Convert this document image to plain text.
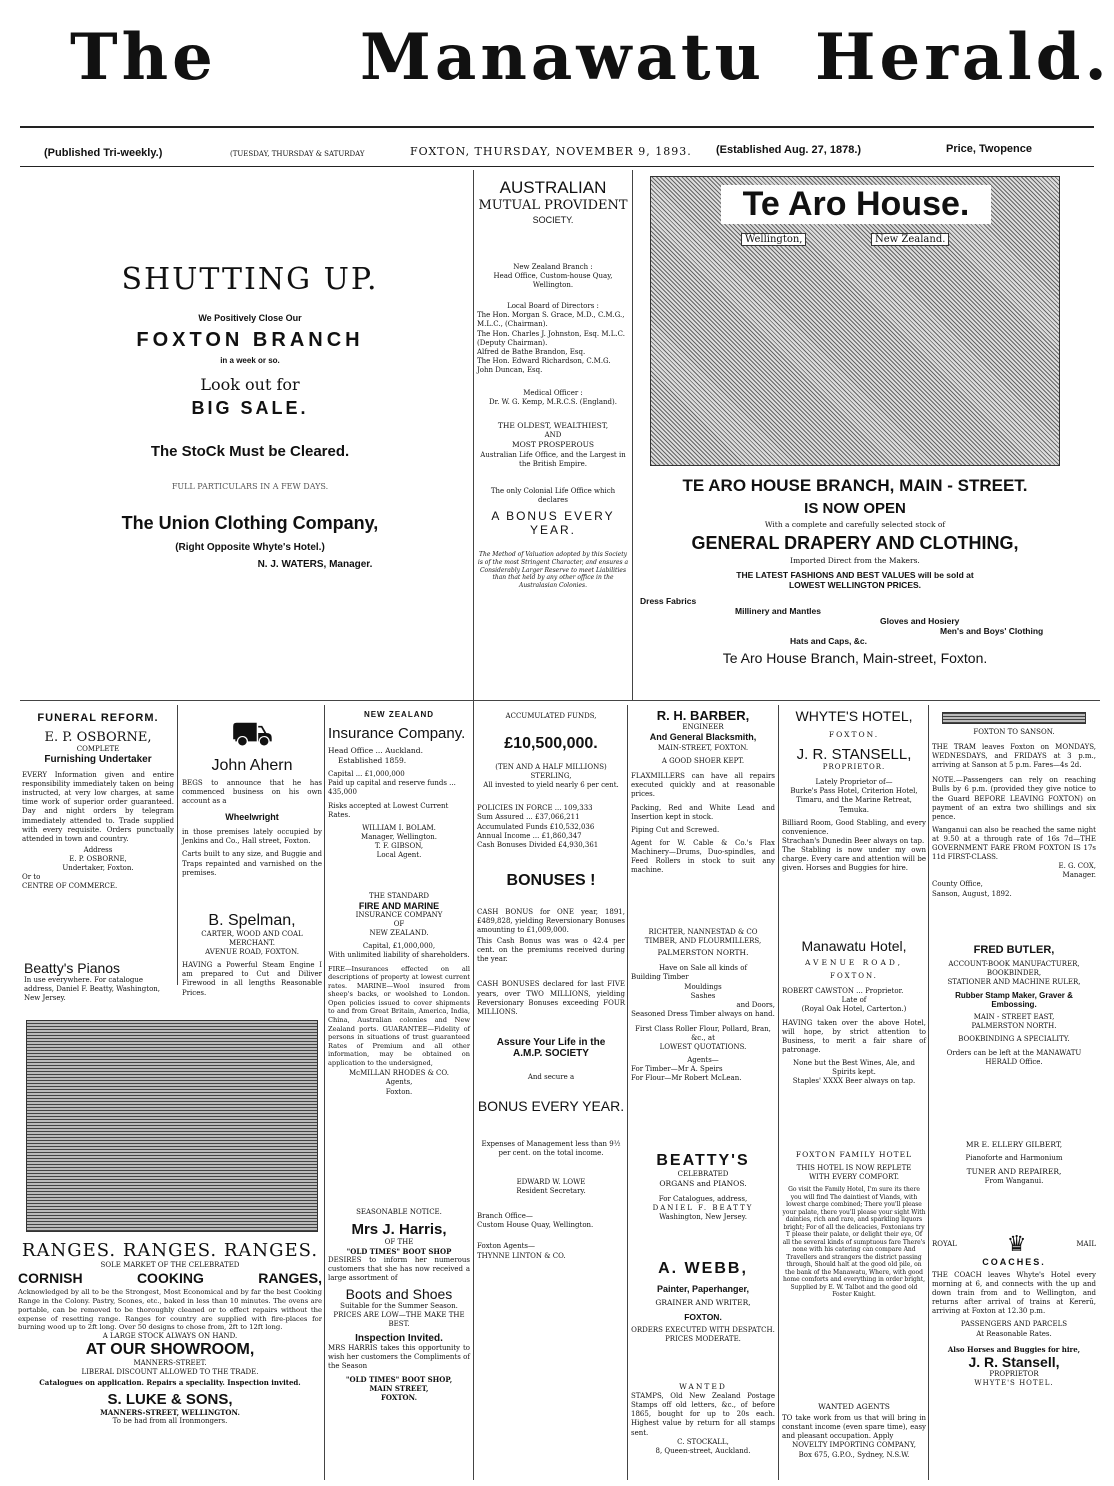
The Manawatu Herald.
(Published Tri-weekly.)	(TUESDAY, THURSDAY & SATURDAY	FOXTON, THURSDAY, NOVEMBER 9, 1893. (Established Aug. 27, 1878.)	Price, Twopence
SHUTTING UP.
We Positively Close Our
FOXTON BRANCH
in a week or so.
Look out for
BIG SALE.
The StoCk Must be Cleared.
FULL PARTICULARS IN A FEW DAYS.
The Union Clothing Company,
(Right Opposite Whyte's Hotel.)
N. J. WATERS, Manager.
AUSTRALIAN
MUTUAL PROVIDENT
SOCIETY.
New Zealand Branch :
Head Office, Custom-house Quay, Wellington.
Local Board of Directors :
The Hon. Morgan S. Grace, M.D., C.M.G., M.L.C., (Chairman).
The Hon. Charles J. Johnston, Esq. M.L.C. (Deputy Chairman).
Alfred de Bathe Brandon, Esq.
The Hon. Edward Richardson, C.M.G.
John Duncan, Esq.
Medical Officer :
Dr. W. G. Kemp, M.R.C.S. (England).
THE OLDEST, WEALTHIEST,
AND
MOST PROSPEROUS
Australian Life Office, and the Largest in the British Empire.
The only Colonial Life Office which
declares
A BONUS EVERY
YEAR.
The Method of Valuation adopted by this Society is of the most Stringent Character, and ensures a Considerably Larger Reserve to meet Liabilities than that held by any other office in the Australasian Colonies.
Te Aro House.
Wellington,	New Zealand.
TE ARO HOUSE BRANCH, MAIN - STREET.
IS NOW OPEN
With a complete and carefully selected stock of
GENERAL DRAPERY AND CLOTHING,
Imported Direct from the Makers.
THE LATEST FASHIONS AND BEST VALUES will be sold at
LOWEST WELLINGTON PRICES.
Dress Fabrics
Millinery and Mantles
Gloves and Hosiery
Men's and Boys' Clothing
Hats and Caps, &c.
Te Aro House Branch, Main-street, Foxton.
FUNERAL REFORM.
E. P. OSBORNE,
COMPLETE
Furnishing Undertaker
EVERY Information given and entire responsibility immediately taken on being instructed, at very low charges, at same time work of superior order guaranteed. Day and night orders by telegram immediately attended to. Trade supplied with every requisite. Orders punctually attended in town and country.
Address
E. P. OSBORNE,
Undertaker, Foxton.
Or to
CENTRE OF COMMERCE.
⛟
John Ahern
BEGS to announce that he has commenced business on his own account as a
Wheelwright
in those premises lately occupied by Jenkins and Co., Hall street, Foxton.
Carts built to any size, and Buggie and Traps repainted and varnished on the premises.
B. Spelman,
CARTER, WOOD AND COAL MERCHANT.
AVENUE ROAD, FOXTON.
HAVING a Powerful Steam Engine I am prepared to Cut and Diliver Firewood in all lengths Reasonable Prices.
Beatty's Pianos
In use everywhere. For catalogue address, Daniel F. Beatty, Washington, New Jersey.
RANGES. RANGES. RANGES.
SOLE MARKET OF THE CELEBRATED
CORNISH	COOKING	RANGES,
Acknowledged by all to be the Strongest, Most Economical and by far the best Cooking Range in the Colony. Pastry, Scones, etc., baked in less than 10 minutes. The ovens are portable, can be removed to be thoroughly cleaned or to effect repairs without the expense of resetting range. Ranges for country are supplied with fire-places for burning wood up to 2ft long. Over 50 designs to chose from, 2ft to 12ft long.
A LARGE STOCK ALWAYS ON HAND.
AT OUR SHOWROOM,
MANNERS-STREET.
LIBERAL DISCOUNT ALLOWED TO THE TRADE.
Catalogues on application. Repairs a speciality. Inspection invited.
S. LUKE & SONS,
MANNERS-STREET, WELLINGTON.
To be had from all Ironmongers.
NEW ZEALAND
Insurance Company.
Head Office ... Auckland.
Established 1859.
Capital ... £1,000,000
Paid up capital and reserve funds ... 435,000
Risks accepted at Lowest Current Rates.
WILLIAM I. BOLAM.
Manager, Wellington.
T. F. GIBSON,
Local Agent.
THE STANDARD
FIRE AND MARINE
INSURANCE COMPANY
OF
NEW ZEALAND.
Capital, £1,000,000,
With unlimited liability of shareholders.
FIRE—Insurances effected on all descriptions of property at lowest current rates. MARINE—Wool insured from sheep's backs, or woolshed to London. Open policies issued to cover shipments to and from Great Britain, America, India, China, Australian colonies and New Zealand ports. GUARANTEE—Fidelity of persons in situations of trust guaranteed Rates of Premium and all other information, may be obtained on application to the undersigned,
McMILLAN RHODES & CO.
Agents,
Foxton.
SEASONABLE NOTICE.
Mrs J. Harris,
OF THE
"OLD TIMES" BOOT SHOP
DESIRES to inform her numerous customers that she has now received a large assortment of
Boots and Shoes
Suitable for the Summer Season.
PRICES ARE LOW—THE MAKE THE BEST.
Inspection Invited.
MRS HARRIS takes this opportunity to wish her customers the Compliments of the Season
"OLD TIMES" BOOT SHOP,
MAIN STREET,
FOXTON.
ACCUMULATED FUNDS,
£10,500,000.
(TEN AND A HALF MILLIONS)
STERLING,
All invested to yield nearly 6 per cent.
POLICIES IN FORCE ... 109,333
Sum Assured ... £37,066,211
Accumulated Funds £10,532,036
Annual Income ... £1,860,347
Cash Bonuses Divided £4,930,361
BONUSES !
CASH BONUS for ONE year, 1891, £489,828, yielding Reversionary Bonuses amounting to £1,009,000.
This Cash Bonus was was o 42.4 per cent. on the premiums received during the year.
CASH BONUSES declared for last FIVE years, over TWO MILLIONS, yielding Reversionary Bonuses exceeding FOUR MILLIONS.
Assure Your Life in the
A.M.P. SOCIETY
And secure a
BONUS EVERY YEAR.
Expenses of Management less than 9½ per cent. on the total income.
EDWARD W. LOWE
Resident Secretary.
Branch Office—
Custom House Quay, Wellington.
Foxton Agents—
THYNNE LINTON & CO.
R. H. BARBER,
ENGINEER
And General Blacksmith,
MAIN-STREET, FOXTON.
A GOOD SHOER KEPT.
FLAXMILLERS can have all repairs executed quickly and at reasonable prices.
Packing, Red and White Lead and Insertion kept in stock.
Piping Cut and Screwed.
Agent for W. Cable & Co.'s Flax Machinery—Drums, Duo-spindles, and Feed Rollers in stock to suit any machine.
RICHTER, NANNESTAD & CO
TIMBER, AND FLOURMILLERS,
PALMERSTON NORTH.
Have on Sale all kinds of
Building Timber
Mouldings
Sashes
and Doors,
Seasoned Dress Timber always on hand.
First Class Roller Flour, Pollard, Bran, &c., at
LOWEST QUOTATIONS.
Agents—
For Timber—Mr A. Speirs
For Flour—Mr Robert McLean.
BEATTY'S
CELEBRATED
ORGANS and PIANOS.
For Catalogues, address,
DANIEL F. BEATTY
Washington, New Jersey.
A. WEBB,
Painter, Paperhanger,
GRAINER AND WRITER,
FOXTON.
ORDERS EXECUTED WITH DESPATCH.
PRICES MODERATE.
WANTED
STAMPS, Old New Zealand Postage Stamps off old letters, &c., of before 1865, bought for up to 20s each. Highest value by return for all stamps sent.
C. STOCKALL,
8, Queen-street, Auckland.
WHYTE'S HOTEL,
FOXTON.
J. R. STANSELL,
PROPRIETOR.
Lately Proprietor of—
Burke's Pass Hotel, Criterion Hotel, Timaru, and the Marine Retreat, Temuka.
Billiard Room, Good Stabling, and every convenience.
Strachan's Dunedin Beer always on tap.
The Stabling is now under my own charge. Every care and attention will be given. Horses and Buggies for hire.
Manawatu Hotel,
AVENUE ROAD,
FOXTON.
ROBERT CAWSTON ... Proprietor.
Late of
(Royal Oak Hotel, Carterton.)
HAVING taken over the above Hotel, will hope, by strict attention to Business, to merit a fair share of patronage.
None but the Best Wines, Ale, and Spirits kept.
Staples' XXXX Beer always on tap.
FOXTON FAMILY HOTEL
THIS HOTEL IS NOW REPLETE
WITH EVERY COMFORT.
Go visit the Family Hotel, I'm sure its there you will find The daintiest of Viands, with lowest charge combined; There you'll please your palate, there you'll please your sight With dainties, rich and rare, and sparkling liquors bright; For of all the delicacies, Foxtonians try T please their palate, or delight their eye, Of all the several kinds of sumptuous fare There's none with his catering can compare And Travellers and strangers the district passing through, Should halt at the good old pile, on the bank of the Manawatu, Where, with good home comforts and everything in order bright, Supplied by E. W. Talbot and the good old Foster Knight.
WANTED AGENTS
TO take work from us that will bring in constant income (even spare time), easy and pleasant occupation. Apply
NOVELTY IMPORTING COMPANY,
Box 675, G.P.O., Sydney, N.S.W.
FOXTON TO SANSON.
THE TRAM leaves Foxton on MONDAYS, WEDNESDAYS, and FRIDAYS at 3 p.m., arriving at Sanson at 5 p.m. Fares—4s 2d.
NOTE.—Passengers can rely on reaching Bulls by 6 p.m. (provided they give notice to the Guard BEFORE LEAVING FOXTON) on payment of an extra two shillings and six pence.
Wanganui can also be reached the same night at 9.50 at a through rate of 16s 7d—THE GOVERNMENT FARE FROM FOXTON IS 17s 11d FIRST-CLASS.
E. G. COX,
Manager.
County Office,
Sanson, August, 1892.
FRED BUTLER,
ACCOUNT-BOOK MANUFACTURER, BOOKBINDER,
STATIONER AND MACHINE RULER,
Rubber Stamp Maker, Graver & Embossing.
MAIN - STREET EAST,
PALMERSTON NORTH.
BOOKBINDING A SPECIALITY.
Orders can be left at the MANAWATU HERALD Office.
MR E. ELLERY GILBERT,
Pianoforte and Harmonium
TUNER AND REPAIRER,
From Wanganui.
ROYAL ♛	MAIL
COACHES.
THE COACH leaves Whyte's Hotel every morning at 6, and connects with the up and down train from and to Wellington, and returns after arrival of trains at Kererū, arriving at Foxton at 12.30 p.m.
PASSENGERS AND PARCELS
At Reasonable Rates.
Also Horses and Buggies for hire,
J. R. Stansell,
PROPRIETOR
WHYTE'S HOTEL.
